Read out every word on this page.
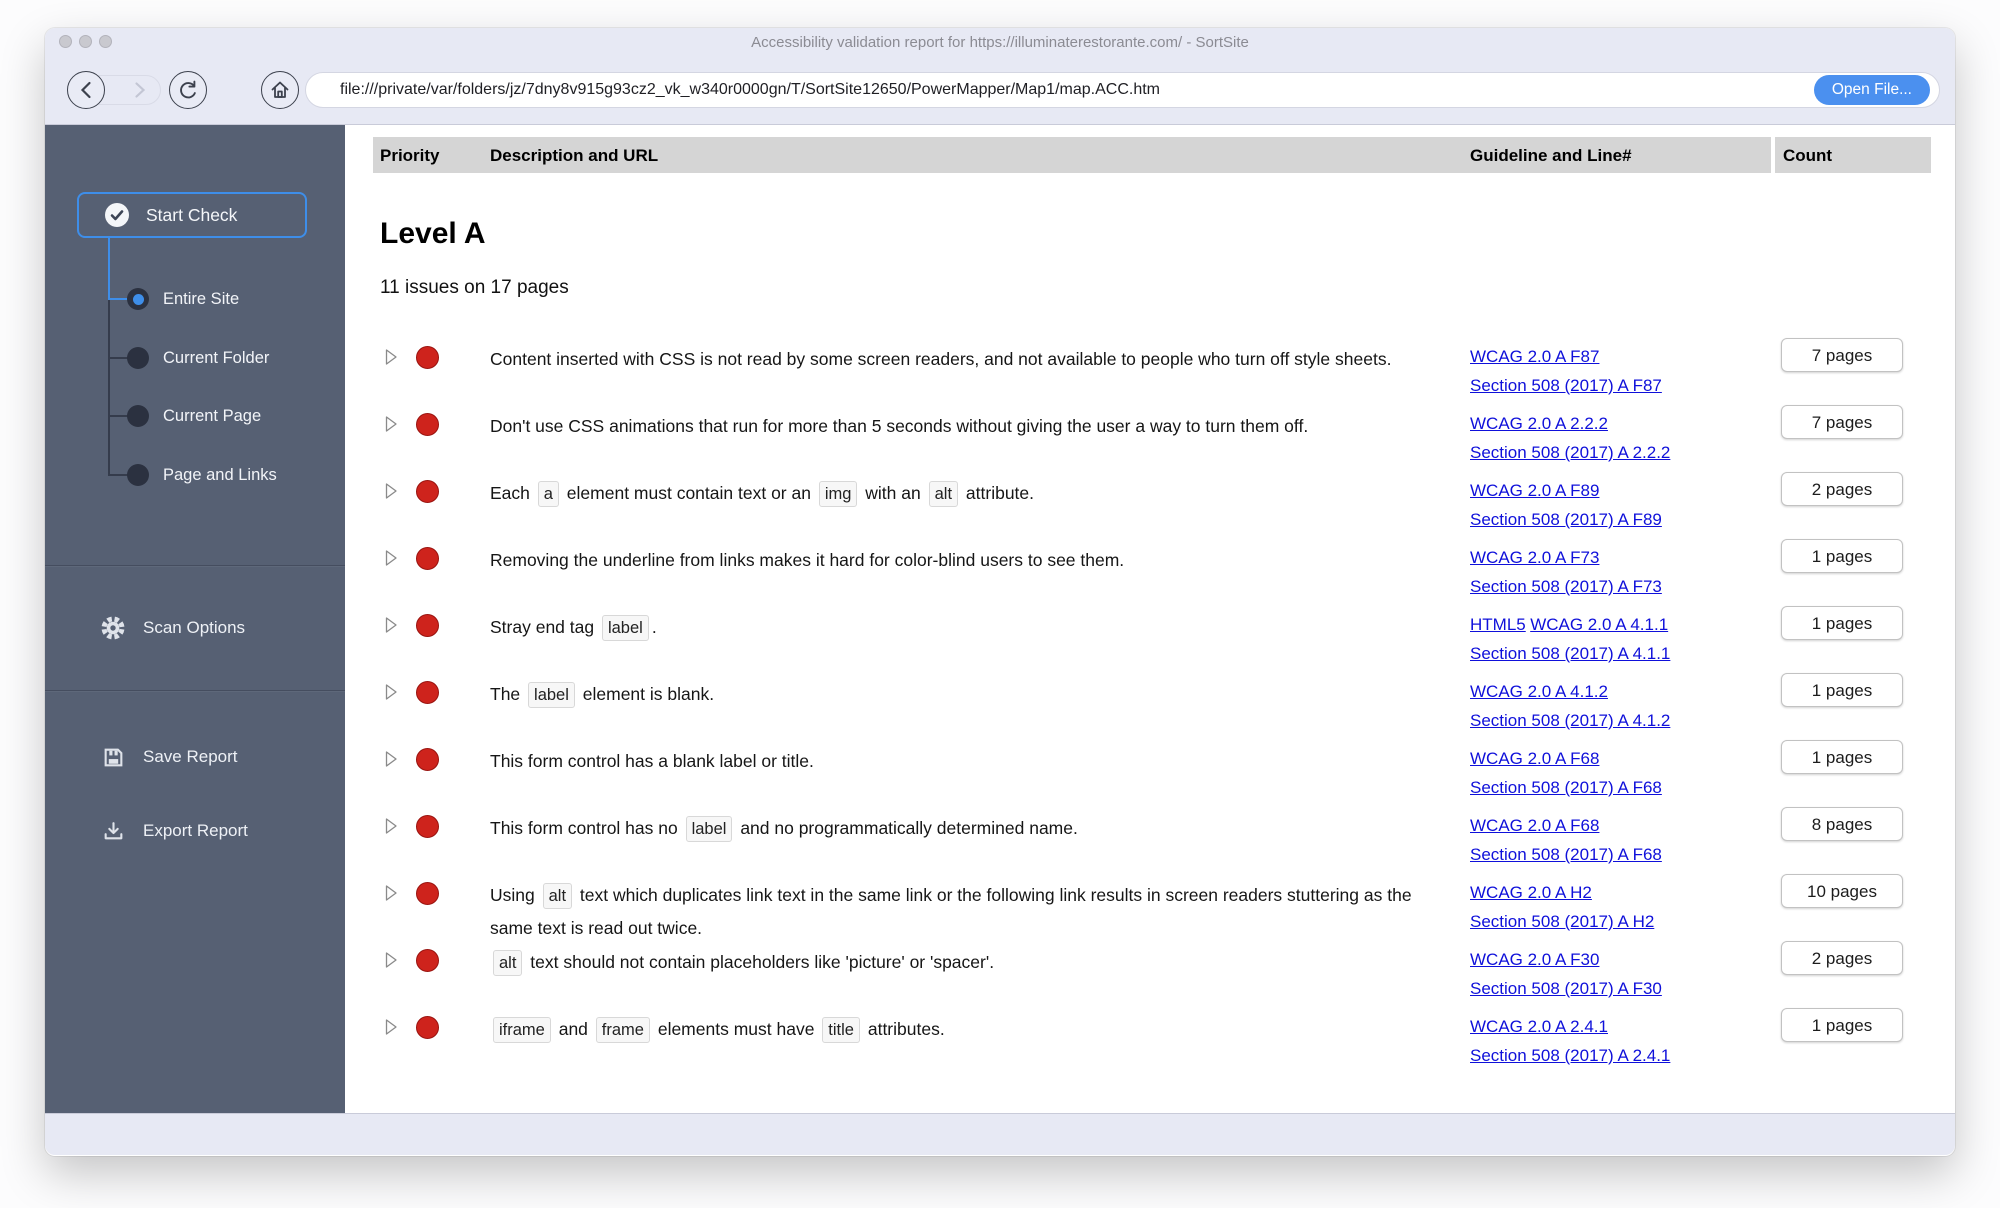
Accessibility validation report for https://illuminaterestorante.com/ - SortSite
file:///private/var/folders/jz/7dny8v915g93cz2_vk_w340r0000gn/T/SortSite12650/PowerMapper/Map1/map.ACC.htm	Open File...
Start Check
Entire Site
Current Folder
Current Page
Page and Links
Scan Options
Save Report
Export Report
Priority	Description and URL	Guideline and Line#	Count
Level A
11 issues on 17 pages
Content inserted with CSS is not read by some screen readers, and not available to people who turn off style sheets.	WCAG 2.0 A F87
Section 508 (2017) A F87
7 pages
Don't use CSS animations that run for more than 5 seconds without giving the user a way to turn them off.	WCAG 2.0 A 2.2.2
Section 508 (2017) A 2.2.2
7 pages
Each a element must contain text or an img with an alt attribute.	WCAG 2.0 A F89
Section 508 (2017) A F89
2 pages
Removing the underline from links makes it hard for color-blind users to see them.	WCAG 2.0 A F73
Section 508 (2017) A F73
1 pages
Stray end tag label .	HTML5 WCAG 2.0 A 4.1.1
Section 508 (2017) A 4.1.1
1 pages
The label element is blank.	WCAG 2.0 A 4.1.2
Section 508 (2017) A 4.1.2
1 pages
This form control has a blank label or title.	WCAG 2.0 A F68
Section 508 (2017) A F68
1 pages
This form control has no label and no programmatically determined name.	WCAG 2.0 A F68
Section 508 (2017) A F68
8 pages
Using alt text which duplicates link text in the same link or the following link results in screen readers stuttering as the same text is read out twice.
WCAG 2.0 A H2
Section 508 (2017) A H2
10 pages
alt text should not contain placeholders like 'picture' or 'spacer'.	WCAG 2.0 A F30
Section 508 (2017) A F30
2 pages
iframe and frame elements must have title attributes.	WCAG 2.0 A 2.4.1
Section 508 (2017) A 2.4.1
1 pages
